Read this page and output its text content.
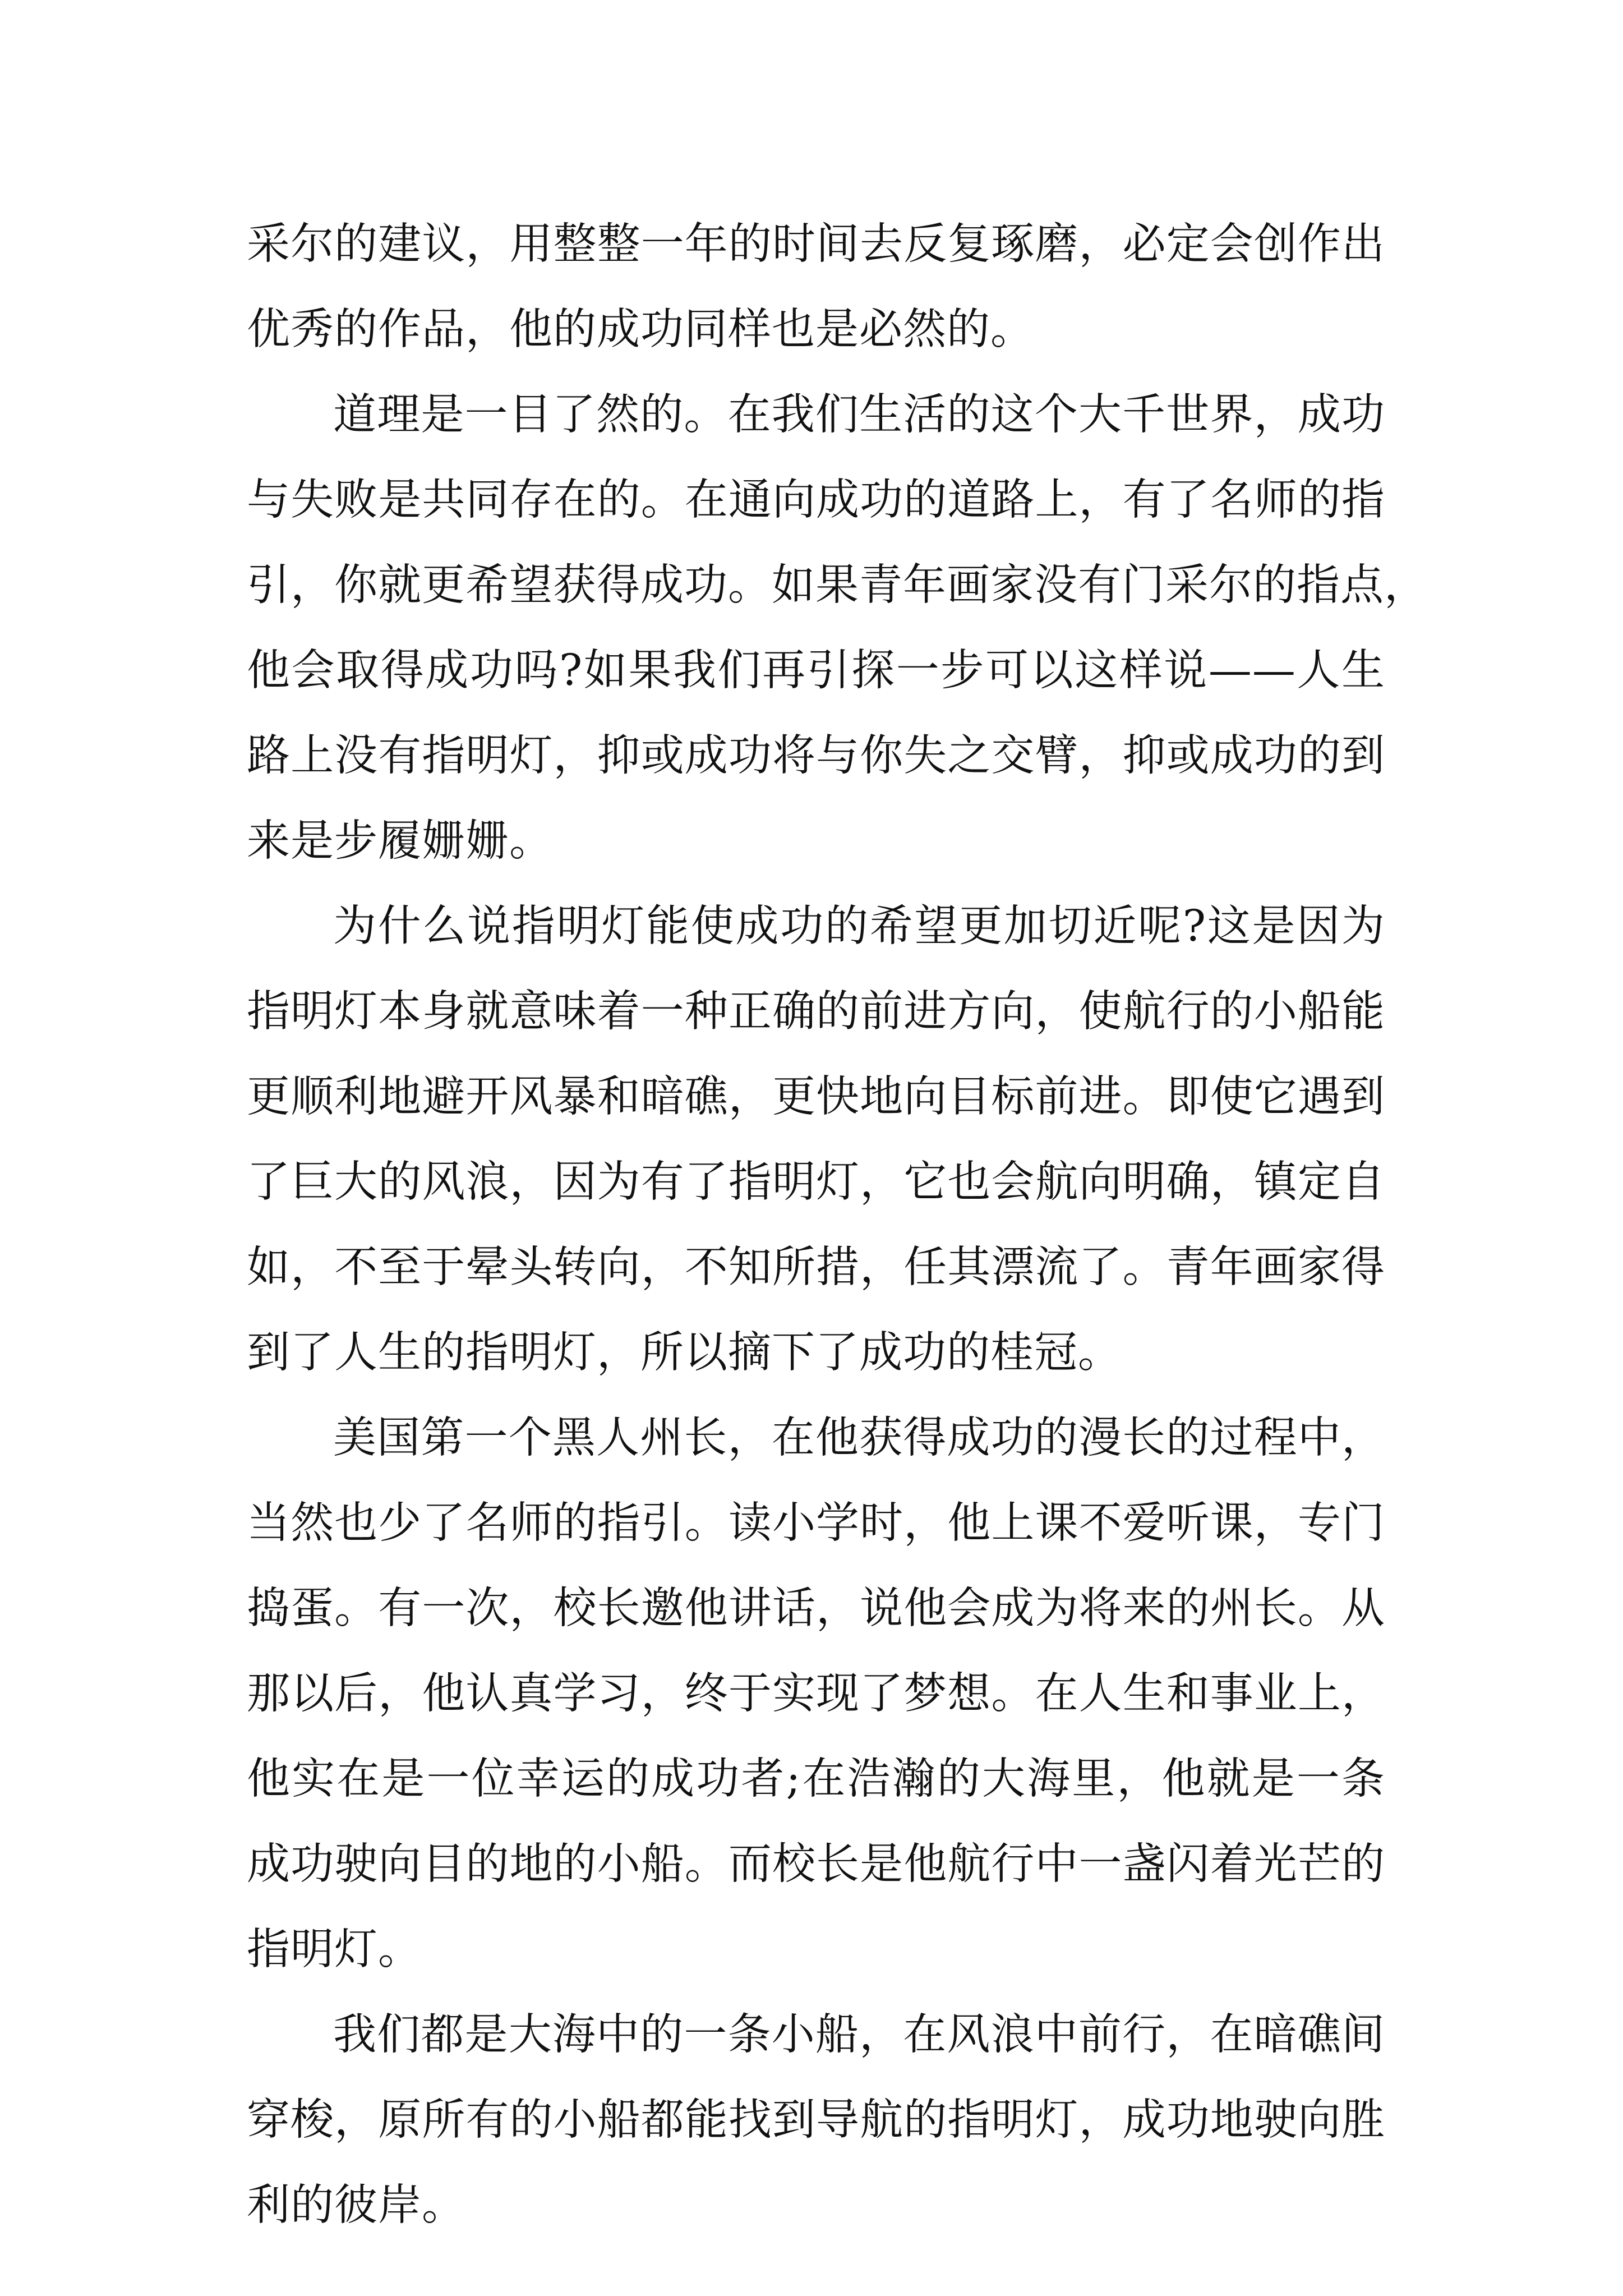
采尔的建议，用整整一年的时间去反复琢磨，必定会创作出
优秀的作品，他的成功同样也是必然的。
道理是一目了然的。在我们生活的这个大千世界，成功
与失败是共同存在的。在通向成功的道路上，有了名师的指
引，你就更希望获得成功。如果青年画家没有门采尔的指点，
他会取得成功吗?如果我们再引探一步可以这样说——人生
路上没有指明灯，抑或成功将与你失之交臂，抑或成功的到
来是步履姗姗。
为什么说指明灯能使成功的希望更加切近呢?这是因为
指明灯本身就意味着一种正确的前进方向，使航行的小船能
更顺利地避开风暴和暗礁，更快地向目标前进。即使它遇到
了巨大的风浪，因为有了指明灯，它也会航向明确，镇定自
如，不至于晕头转向，不知所措，任其漂流了。青年画家得
到了人生的指明灯，所以摘下了成功的桂冠。
美国第一个黑人州长，在他获得成功的漫长的过程中，
当然也少了名师的指引。读小学时，他上课不爱听课，专门
捣蛋。有一次，校长邀他讲话，说他会成为将来的州长。从
那以后，他认真学习，终于实现了梦想。在人生和事业上，
他实在是一位幸运的成功者;在浩瀚的大海里，他就是一条
成功驶向目的地的小船。而校长是他航行中一盏闪着光芒的
指明灯。
我们都是大海中的一条小船，在风浪中前行，在暗礁间
穿梭，原所有的小船都能找到导航的指明灯，成功地驶向胜
利的彼岸。
